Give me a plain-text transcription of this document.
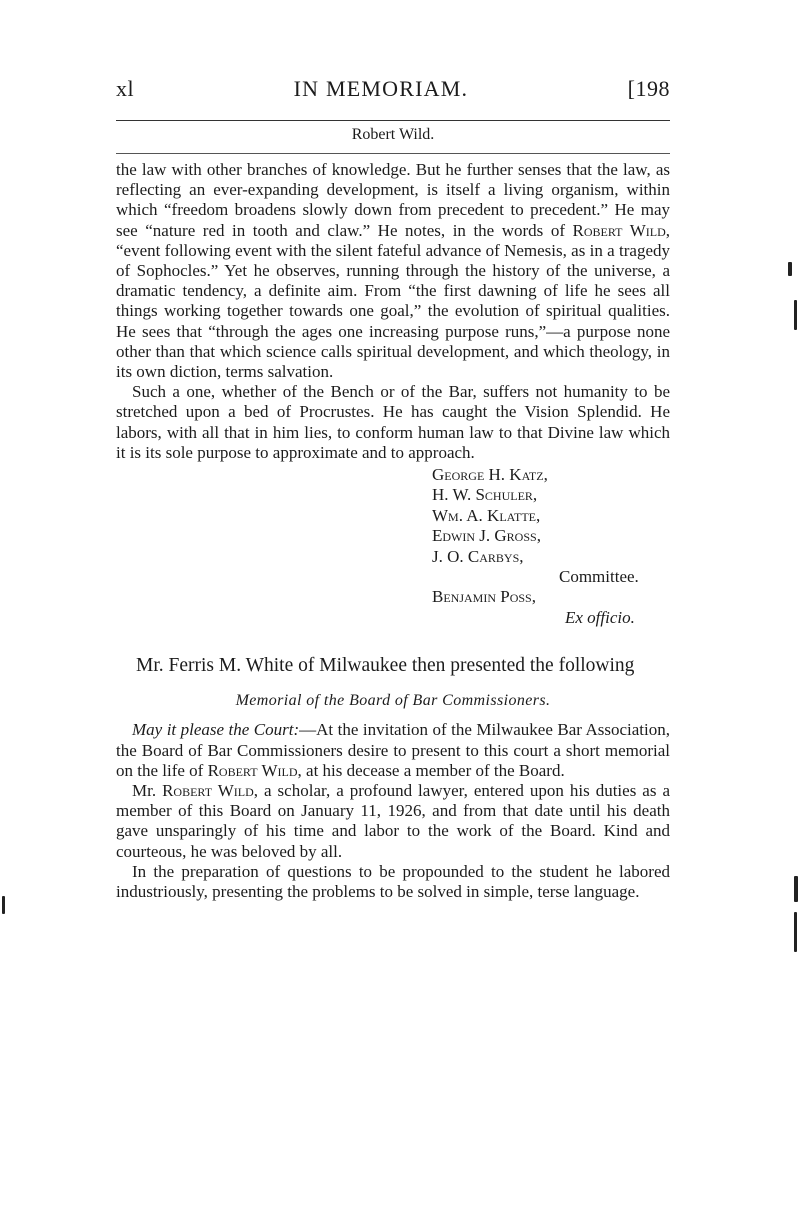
xl	IN MEMORIAM.	[198
Robert Wild.

the law with other branches of knowledge. But he further senses that the law, as reflecting an ever-expanding development, is itself a living organism, within which “freedom broadens slowly down from precedent to precedent.” He may see “nature red in tooth and claw.” He notes, in the words of Robert Wild, “event following event with the silent fateful advance of Nemesis, as in a tragedy of Sophocles.” Yet he observes, running through the history of the universe, a dramatic tendency, a definite aim. From “the first dawning of life he sees all things working together towards one goal,” the evolution of spiritual qualities. He sees that “through the ages one increasing purpose runs,”—a purpose none other than that which science calls spiritual development, and which theology, in its own diction, terms salvation.

Such a one, whether of the Bench or of the Bar, suffers not humanity to be stretched upon a bed of Procrustes. He has caught the Vision Splendid. He labors, with all that in him lies, to conform human law to that Divine law which it is its sole purpose to approximate and to approach.

George H. Katz,
H. W. Schuler,
Wm. A. Klatte,
Edwin J. Gross,
J. O. Carbys,
Committee.
Benjamin Poss,
Ex officio.

Mr. Ferris M. White of Milwaukee then presented the following

Memorial of the Board of Bar Commissioners.

May it please the Court:—At the invitation of the Milwaukee Bar Association, the Board of Bar Commissioners desire to present to this court a short memorial on the life of Robert Wild, at his decease a member of the Board.

Mr. Robert Wild, a scholar, a profound lawyer, entered upon his duties as a member of this Board on January 11, 1926, and from that date until his death gave unsparingly of his time and labor to the work of the Board. Kind and courteous, he was beloved by all.

In the preparation of questions to be propounded to the student he labored industriously, presenting the problems to be solved in simple, terse language.
